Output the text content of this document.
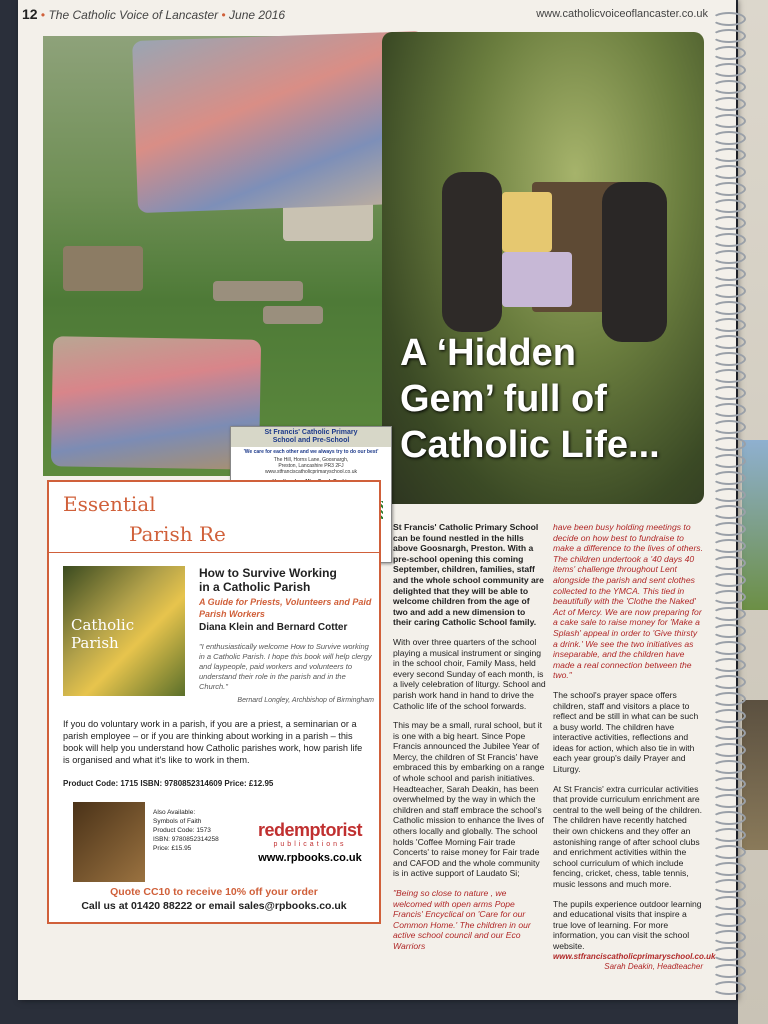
12 • The Catholic Voice of Lancaster • June 2016	www.catholicvoiceoflancaster.co.uk
A ‘Hidden
Gem’ full of
Catholic Life...
St Francis' Catholic Primary
School and Pre-School
'We care for each other and we always try to do our best'
The Hill, Horns Lane, Goosnargh,
Preston, Lancashire PR3 2FJ
www.stfranciscatholicprimaryschool.co.uk
Essential
Parish Re
Catholic Parish
How to Survive Working
in a Catholic Parish
A Guide for Priests, Volunteers and Paid Parish Workers
Diana Klein and Bernard Cotter
"I enthusiastically welcome How to Survive working in a Catholic Parish. I hope this book will help clergy and laypeople, paid workers and volunteers to understand their role in the parish and in the Church."
Bernard Longley, Archbishop of Birmingham
If you do voluntary work in a parish, if you are a priest, a seminarian or a parish employee – or if you are thinking about working in a parish – this book will help you understand how Catholic parishes work, how parish life is organised and what it's like to work in them.
Product Code: 1715 ISBN: 9780852314609 Price: £12.95
Also Available:
Symbols of Faith
Product Code: 1573
ISBN: 9780852314258
Price: £15.95
redemptorist
publications
www.rpbooks.co.uk
Quote CC10 to receive 10% off your order
Call us at 01420 88222 or email sales@rpbooks.co.uk

St Francis' Catholic Primary School can be found nestled in the hills above Goosnargh, Preston. With a pre-school opening this coming September, children, families, staff and the whole school community are delighted that they will be able to welcome children from the age of two and add a new dimension to their caring Catholic School family.

With over three quarters of the school playing a musical instrument or singing in the school choir, Family Mass, held every second Sunday of each month, is a lively celebration of liturgy. School and parish work hand in hand to drive the Catholic life of the school forwards.

This may be a small, rural school, but it is one with a big heart. Since Pope Francis announced the Jubilee Year of Mercy, the children of St Francis' have embraced this by embarking on a range of whole school and parish initiatives. Headteacher, Sarah Deakin, has been overwhelmed by the way in which the children and staff embrace the school's Catholic mission to enhance the lives of others locally and globally. The school holds 'Coffee Morning Fair trade Concerts' to raise money for Fair trade and CAFOD and the whole community is in active support of Laudato Si;

"Being so close to nature , we welcomed with open arms Pope Francis' Encyclical on 'Care for our Common Home.' The children in our active school council and our Eco Warriors

have been busy holding meetings to decide on how best to fundraise to make a difference to the lives of others. The children undertook a '40 days 40 items' challenge throughout Lent alongside the parish and sent clothes collected to the YMCA. This tied in beautifully with the 'Clothe the Naked' Act of Mercy. We are now preparing for a cake sale to raise money for 'Make a Splash' appeal in order to 'Give thirsty a drink.' We see the two initiatives as inseparable, and the children have made a real connection between the two."

The school's prayer space offers children, staff and visitors a place to reflect and be still in what can be such a busy world. The children have interactive activities, reflections and ideas for action, which also tie in with each year group's daily Prayer and Liturgy.

At St Francis' extra curricular activities that provide curriculum enrichment are central to the well being of the children. The children have recently hatched their own chickens and they offer an astonishing range of after school clubs and enrichment activities within the school curriculum of which include fencing, cricket, chess, table tennis, music lessons and much more.

The pupils experience outdoor learning and educational visits that inspire a true love of learning. For more information, you can visit the school website.

www.stfranciscatholicprimaryschool.co.uk
Sarah Deakin, Headteacher
